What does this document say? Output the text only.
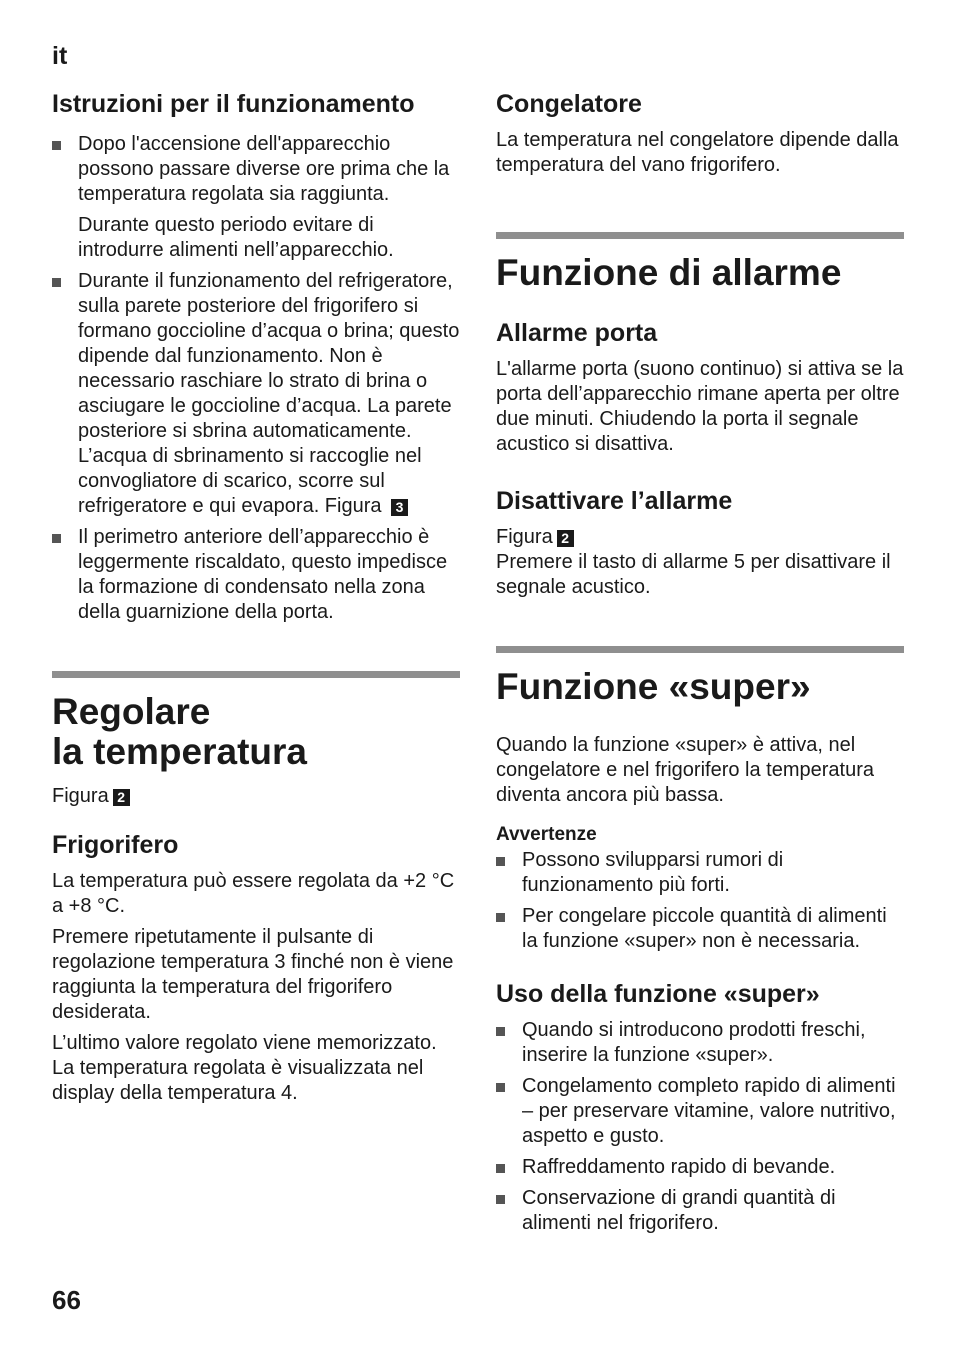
it
Istruzioni per il funzionamento
Dopo l'accensione dell'apparecchio possono passare diverse ore prima che la temperatura regolata sia raggiunta.
Durante questo periodo evitare di introdurre alimenti nell’apparecchio.
Durante il funzionamento del refrigeratore, sulla parete posteriore del frigorifero si formano goccioline d’acqua o brina; questo dipende dal funzionamento. Non è necessario raschiare lo strato di brina o asciugare le goccioline d’acqua. La parete posteriore si sbrina automaticamente. L’acqua di sbrinamento si raccoglie nel convogliatore di scarico, scorre sul refrigeratore e qui evapora. Figura 3
Il perimetro anteriore dell’apparecchio è leggermente riscaldato, questo impedisce la formazione di condensato nella zona della guarnizione della porta.
Regolare
la temperatura

Figura 2

Frigorifero

La temperatura può essere regolata da +2 °C a +8 °C.

Premere ripetutamente il pulsante di regolazione temperatura 3 finché non è viene raggiunta la temperatura del frigorifero desiderata.

L’ultimo valore regolato viene memorizzato. La temperatura regolata è visualizzata nel display della temperatura 4.

Congelatore

La temperatura nel congelatore dipende dalla temperatura del vano frigorifero.

Funzione di allarme
Allarme porta

L'allarme porta (suono continuo) si attiva se la porta dell’apparecchio rimane aperta per oltre due minuti. Chiudendo la porta il segnale acustico si disattiva.

Disattivare l’allarme

Figura 2

Premere il tasto di allarme 5 per disattivare il segnale acustico.

Funzione «super»

Quando la funzione «super» è attiva, nel congelatore e nel frigorifero la temperatura diventa ancora più bassa.

Avvertenze

Possono svilupparsi rumori di funzionamento più forti.
Per congelare piccole quantità di alimenti la funzione «super» non è necessaria.
Uso della funzione «super»
Quando si introducono prodotti freschi, inserire la funzione «super».
Congelamento completo rapido di alimenti – per preservare vitamine, valore nutritivo, aspetto e gusto.
Raffreddamento rapido di bevande.
Conservazione di grandi quantità di alimenti nel frigorifero.
66
